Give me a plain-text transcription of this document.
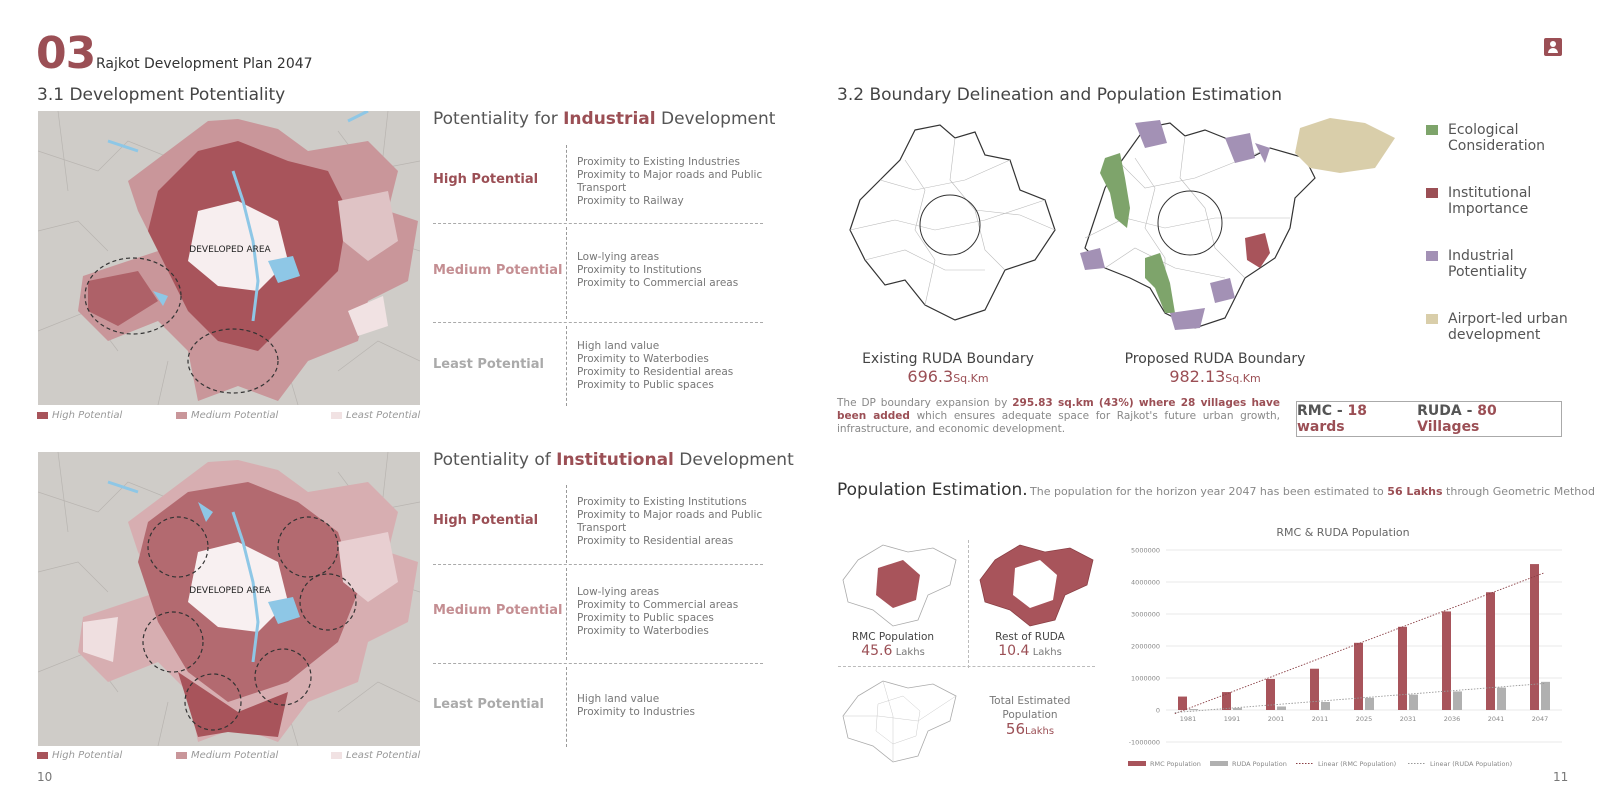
03 Rajkot Development Plan 2047
3.1 Development Potentiality
DEVELOPED AREA
High Potential	Medium Potential	Least Potential
Potentiality for Industrial Development
High Potential
Proximity to Existing Industries
Proximity to Major roads and Public Transport
Proximity to Railway
Medium Potential
Low-lying areas
Proximity to Institutions
Proximity to Commercial areas
Least Potential
High land value
Proximity to Waterbodies
Proximity to Residential areas
Proximity to Public spaces
DEVELOPED AREA
High Potential	Medium Potential	Least Potential
Potentiality of Institutional Development
High Potential
Proximity to Existing Institutions
Proximity to Major roads and Public Transport
Proximity to Residential areas
Medium Potential
Low-lying areas
Proximity to Commercial areas
Proximity to Public spaces
Proximity to Waterbodies
Least Potential	High land value
Proximity to Industries
10
3.2 Boundary Delineation and Population Estimation
Existing RUDA Boundary
696.3Sq.Km
Proposed RUDA Boundary
982.13Sq.Km
Ecological Consideration
Institutional Importance
Industrial Potentiality
Airport-led urban development
The DP boundary expansion by 295.83 sq.km (43%) where 28 villages have been added which ensures adequate space for Rajkot's future urban growth, infrastructure, and economic development.
RMC - 18 wards
RUDA - 80 Villages
Population Estimation. The population for the horizon year 2047 has been estimated to 56 Lakhs through Geometric Method
RMC Population
45.6 Lakhs
Rest of RUDA
10.4 Lakhs
Total Estimated Population
56Lakhs
RMC & RUDA Population
5000000
4000000
3000000
2000000
1000000
0
-1000000
1981	1991	2001	2011	2025	2031	2036	2041	2047
RMC Population	RUDA Population	Linear (RMC Population)	Linear (RUDA Population)
11
